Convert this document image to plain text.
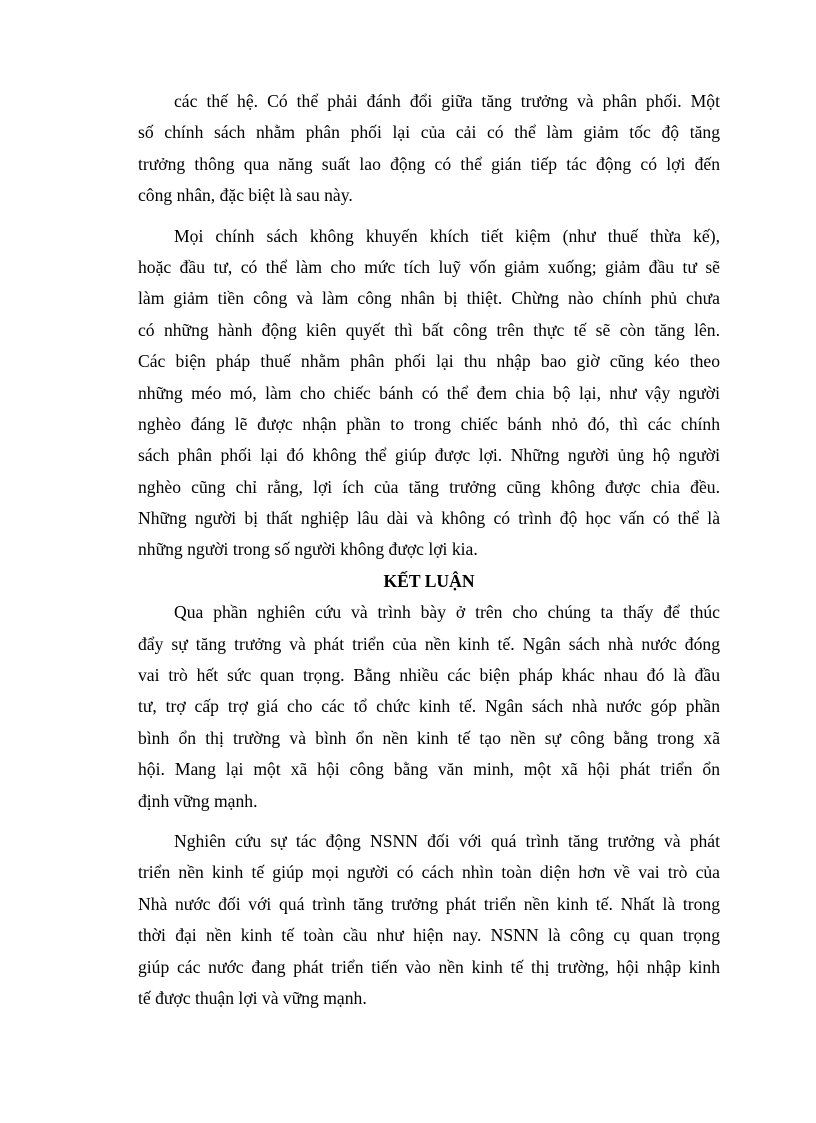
các thế hệ. Có thể phải đánh đổi giữa tăng trưởng và phân phối. Một
số chính sách nhằm phân phối lại của cải có thể làm giảm tốc độ tăng
trưởng thông qua năng suất lao động có thể gián tiếp tác động có lợi đến
công nhân, đặc biệt là sau này.
Mọi chính sách không khuyến khích tiết kiệm (như thuế thừa kế),
hoặc đầu tư, có thể làm cho mức tích luỹ vốn giảm xuống; giảm đầu tư sẽ
làm giảm tiền công và làm công nhân bị thiệt. Chừng nào chính phủ chưa
có những hành động kiên quyết thì bất công trên thực tế sẽ còn tăng lên.
Các biện pháp thuế nhằm phân phối lại thu nhập bao giờ cũng kéo theo
những méo mó, làm cho chiếc bánh có thể đem chia bộ lại, như vậy người
nghèo đáng lẽ được nhận phần to trong chiếc bánh nhỏ đó, thì các chính
sách phân phối lại đó không thể giúp được lợi. Những người ủng hộ người
nghèo cũng chỉ rằng, lợi ích của tăng trưởng cũng không được chia đều.
Những người bị thất nghiệp lâu dài và không có trình độ học vấn có thể là
những người trong số người không được lợi kia.
KẾT LUẬN
Qua phần nghiên cứu và trình bày ở trên cho chúng ta thấy để thúc
đẩy sự tăng trưởng và phát triển của nền kinh tế. Ngân sách nhà nước đóng
vai trò hết sức quan trọng. Bằng nhiều các biện pháp khác nhau đó là đầu
tư, trợ cấp trợ giá cho các tổ chức kinh tế. Ngân sách nhà nước góp phần
bình ổn thị trường và bình ổn nền kinh tế tạo nền sự công bằng trong xã
hội. Mang lại một xã hội công bằng văn minh, một xã hội phát triển ổn
định vững mạnh.
Nghiên cứu sự tác động NSNN đối với quá trình tăng trưởng và phát
triển nền kinh tế giúp mọi người có cách nhìn toàn diện hơn về vai trò của
Nhà nước đối với quá trình tăng trưởng phát triển nền kinh tế. Nhất là trong
thời đại nền kinh tế toàn cầu như hiện nay. NSNN là công cụ quan trọng
giúp các nước đang phát triển tiến vào nền kinh tế thị trường, hội nhập kinh
tế được thuận lợi và vững mạnh.
